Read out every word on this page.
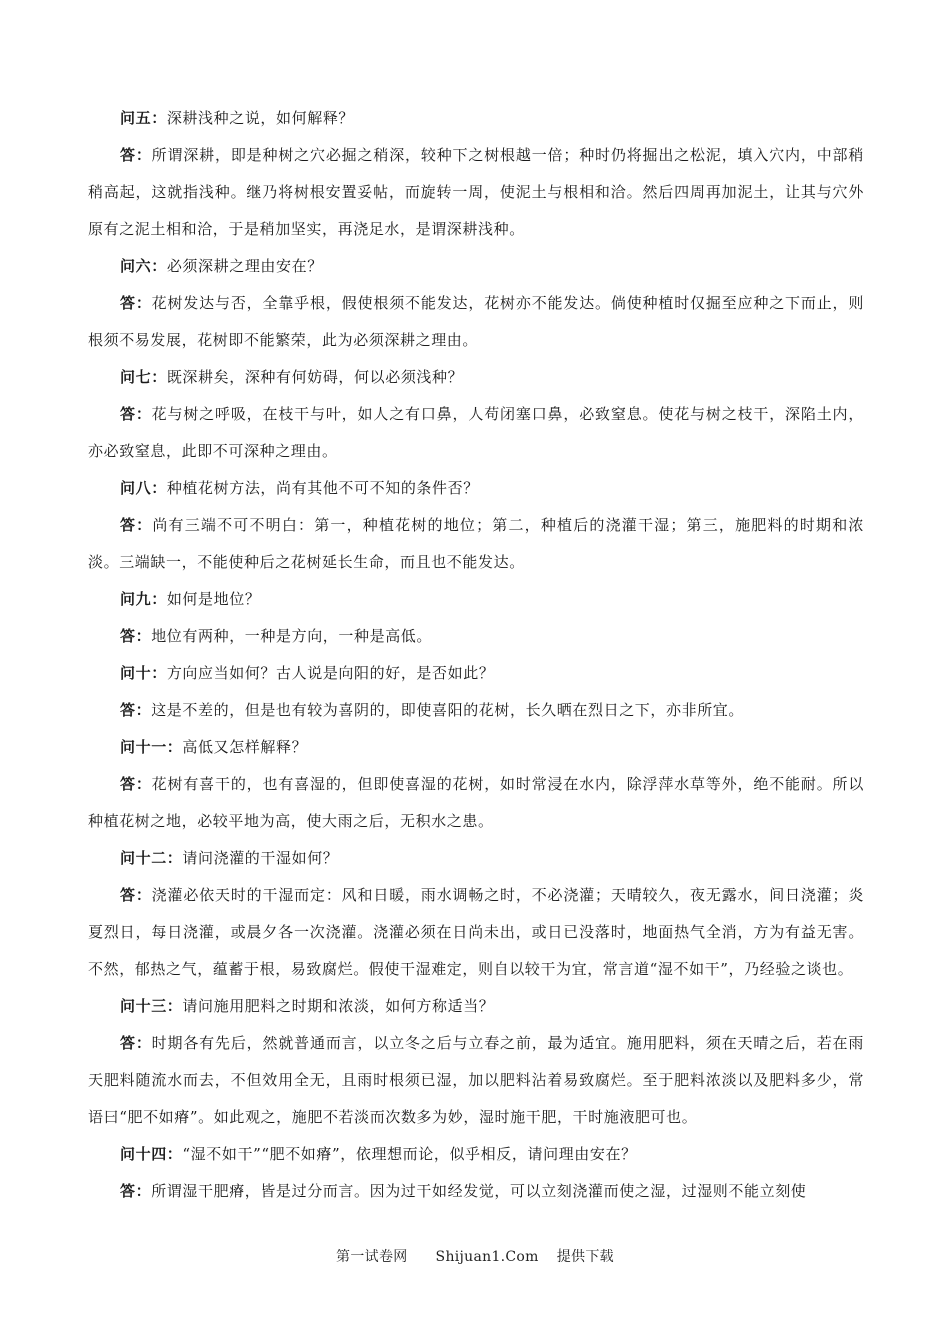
问五：深耕浅种之说，如何解释？

答：所谓深耕，即是种树之穴必掘之稍深，较种下之树根越一倍；种时仍将掘出之松泥，填入穴内，中部稍稍高起，这就指浅种。继乃将树根安置妥帖，而旋转一周，使泥土与根相和洽。然后四周再加泥土，让其与穴外原有之泥土相和洽，于是稍加坚实，再浇足水，是谓深耕浅种。

问六：必须深耕之理由安在？

答：花树发达与否，全靠乎根，假使根须不能发达，花树亦不能发达。倘使种植时仅掘至应种之下而止，则根须不易发展，花树即不能繁荣，此为必须深耕之理由。

问七：既深耕矣，深种有何妨碍，何以必须浅种？

答：花与树之呼吸，在枝干与叶，如人之有口鼻，人苟闭塞口鼻，必致窒息。使花与树之枝干，深陷土内，亦必致窒息，此即不可深种之理由。

问八：种植花树方法，尚有其他不可不知的条件否？

答：尚有三端不可不明白：第一，种植花树的地位；第二，种植后的浇灌干湿；第三，施肥料的时期和浓淡。三端缺一，不能使种后之花树延长生命，而且也不能发达。

问九：如何是地位？

答：地位有两种，一种是方向，一种是高低。

问十：方向应当如何？古人说是向阳的好，是否如此？

答：这是不差的，但是也有较为喜阴的，即使喜阳的花树，长久晒在烈日之下，亦非所宜。

问十一：高低又怎样解释？

答：花树有喜干的，也有喜湿的，但即使喜湿的花树，如时常浸在水内，除浮萍水草等外，绝不能耐。所以种植花树之地，必较平地为高，使大雨之后，无积水之患。

问十二：请问浇灌的干湿如何？

答：浇灌必依天时的干湿而定：风和日暖，雨水调畅之时，不必浇灌；天晴较久，夜无露水，间日浇灌；炎夏烈日，每日浇灌，或晨夕各一次浇灌。浇灌必须在日尚未出，或日已没落时，地面热气全消，方为有益无害。不然，郁热之气，蕴蓄于根，易致腐烂。假使干湿难定，则自以较干为宜，常言道“湿不如干”，乃经验之谈也。

问十三：请问施用肥料之时期和浓淡，如何方称适当？

答：时期各有先后，然就普通而言，以立冬之后与立春之前，最为适宜。施用肥料，须在天晴之后，若在雨天肥料随流水而去，不但效用全无，且雨时根须已湿，加以肥料沾着易致腐烂。至于肥料浓淡以及肥料多少，常语曰“肥不如瘠”。如此观之，施肥不若淡而次数多为妙，湿时施干肥，干时施液肥可也。

问十四：“湿不如干”“肥不如瘠”，依理想而论，似乎相反，请问理由安在？

答：所谓湿干肥瘠，皆是过分而言。因为过干如经发觉，可以立刻浇灌而使之湿，过湿则不能立刻使

第一试卷网 Shijuan1.Com 提供下载
